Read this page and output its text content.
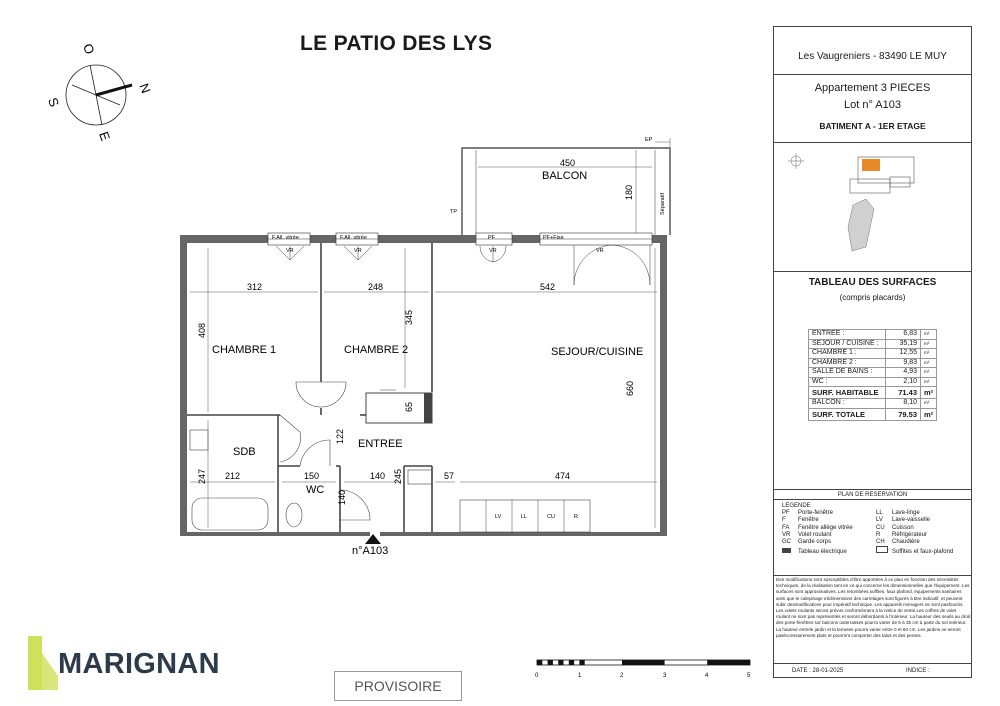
LE PATIO DES LYS
N
O
S
E
BALCON
450
180
Séparatif
EP
TP
F.All. vitrée	F.All. vitrée	PF	PF+Fixe
VR	VR	VR	VR
LV	LL	CU	R
312	248	542
408
345
660
65
122
247 212	150	140 245	57	474
140
CHAMBRE 1	CHAMBRE 2	SEJOUR/CUISINE
SDB
ENTREE
WC
n°A103
Les Vaugreniers - 83490 LE MUY
Appartement 3 PIECES
Lot n° A103
BATIMENT A - 1ER ETAGE
TABLEAU DES SURFACES
(compris placards)
ENTREE :	6,83	m²
SEJOUR / CUISINE :	35,19	m²
CHAMBRE 1 :	12,55	m²
CHAMBRE 2 :	9,83	m²
SALLE DE BAINS :	4,93	m²
WC :	2,10	m²
SURF. HABITABLE	71.43	m²
BALCON :	8,10	m²
SURF. TOTALE	79.53	m²
PLAN DE RESERVATION
LEGENDE
PF Porte-fenêtre	LL Lave-linge
F Fenêtre	LV Lave-vaisselle
FA Fenêtre allège vitrée	CU Cuisson
VR Volet roulant	R Réfrigérateur
GC Garde corps	CH Chaudière
Tableau électrique	Soffites et faux-plafond
Des modifications sont susceptibles d'être apportées à ce plan en fonction des nécessités techniques, de la réalisation tant en ce qui concerne les dimensionnelles que l'équipement. Les surfaces sont approximatives. Les retombées,soffites, faux plafond, équipements sanitaires ainsi que le calepinage et/dimensions des carrelages sont figurés à titre indicatif, et peuvent subir desmodifications pour impératif technique. Les appareils ménagers ne sont pasfournis. Les volets roulants seront prévus conformément à la notice de vente.Les coffres de volet roulant ne sont pas représentés et seront débordants à l'intérieur. La hauteur des seuils au droit des porte-fenêtres sur balcons outerrasses pourra varier de 5 à 35 cm à partir du sol intérieur. La hauteur entrele jardin et la terrasse pourra varier entre 0 et 60 cm. Les jardins ne seront paséccessoirement plats et pourront comporter des talus et des pentes.
DATE : 28-01-2025	INDICE :
MARIGNAN
PROVISOIRE
0	1	2	3	4	5
